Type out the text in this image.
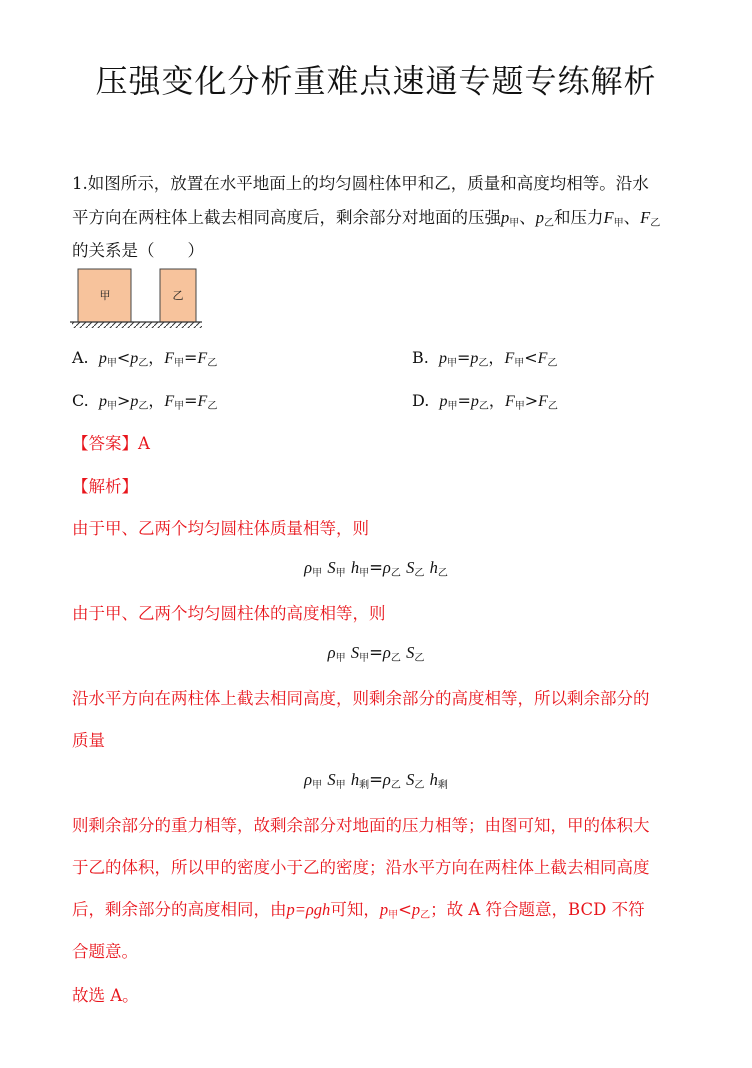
压强变化分析重难点速通专题专练解析
1.如图所示，放置在水平地面上的均匀圆柱体甲和乙，质量和高度均相等。沿水
平方向在两柱体上截去相同高度后，剩余部分对地面的压强$p_甲$、$p_乙$和压力$F_甲$、$F_乙$
的关系是（　　）
甲	乙
A. $p_甲<p_乙$，$F_甲=F_乙$	B. $p_甲=p_乙$，$F_甲<F_乙$
C. $p_甲>p_乙$，$F_甲=F_乙$	D. $p_甲=p_乙$，$F_甲>F_乙$
【答案】A
【解析】
由于甲、乙两个均匀圆柱体质量相等，则
$\rho_甲$ $S_甲$ $h_甲=\rho_乙$ $S_乙$ $h_乙$
由于甲、乙两个均匀圆柱体的高度相等，则
$\rho_甲$ $S_甲=\rho_乙$ $S_乙$
沿水平方向在两柱体上截去相同高度，则剩余部分的高度相等，所以剩余部分的
质量
$\rho_甲$ $S_甲$ $h_剩=\rho_乙$ $S_乙$ $h_剩$
则剩余部分的重力相等，故剩余部分对地面的压力相等；由图可知，甲的体积大
于乙的体积，所以甲的密度小于乙的密度；沿水平方向在两柱体上截去相同高度
后，剩余部分的高度相同，由p=ρgh可知，$p_甲<p_乙$；故 A 符合题意，BCD 不符
合题意。
故选 A。
